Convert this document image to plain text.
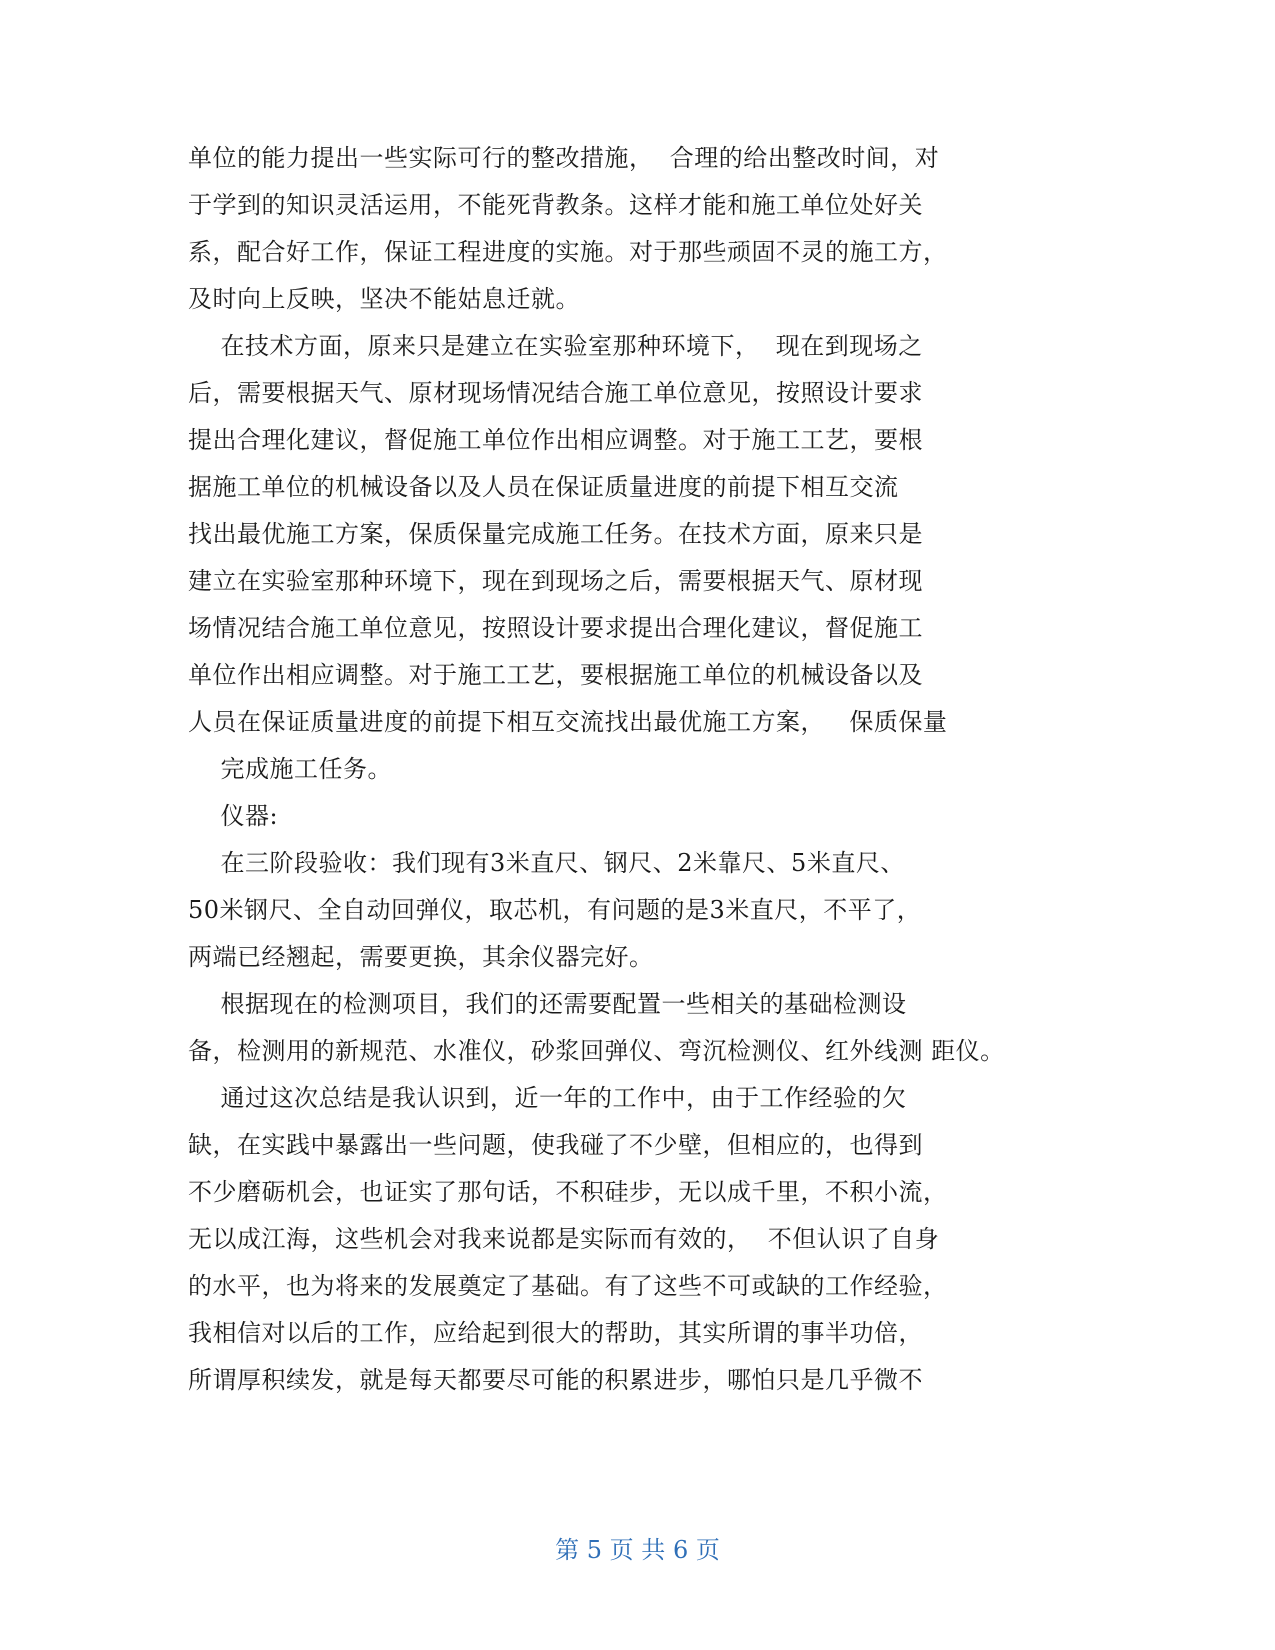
单位的能力提出一些实际可行的整改措施，  合理的给出整改时间，对
于学到的知识灵活运用，不能死背教条。这样才能和施工单位处好关
系，配合好工作，保证工程进度的实施。对于那些顽固不灵的施工方，
及时向上反映，坚决不能姑息迁就。
在技术方面，原来只是建立在实验室那种环境下，  现在到现场之
后，需要根据天气、原材现场情况结合施工单位意见，按照设计要求
提出合理化建议，督促施工单位作出相应调整。对于施工工艺，要根
据施工单位的机械设备以及人员在保证质量进度的前提下相互交流
找出最优施工方案，保质保量完成施工任务。在技术方面，原来只是
建立在实验室那种环境下，现在到现场之后，需要根据天气、原材现
场情况结合施工单位意见，按照设计要求提出合理化建议，督促施工
单位作出相应调整。对于施工工艺，要根据施工单位的机械设备以及
人员在保证质量进度的前提下相互交流找出最优施工方案，   保质保量
完成施工任务。
仪器:
在三阶段验收：我们现有3米直尺、钢尺、2米靠尺、5米直尺、
50米钢尺、全自动回弹仪，取芯机，有问题的是3米直尺，不平了，
两端已经翘起，需要更换，其余仪器完好。
根据现在的检测项目，我们的还需要配置一些相关的基础检测设
备，检测用的新规范、水准仪，砂浆回弹仪、弯沉检测仪、红外线测 距仪。
通过这次总结是我认识到，近一年的工作中，由于工作经验的欠
缺，在实践中暴露出一些问题，使我碰了不少壁，但相应的，也得到
不少磨砺机会，也证实了那句话，不积硅步，无以成千里，不积小流，
无以成江海，这些机会对我来说都是实际而有效的，  不但认识了自身
的水平，也为将来的发展奠定了基础。有了这些不可或缺的工作经验，
我相信对以后的工作，应给起到很大的帮助，其实所谓的事半功倍，
所谓厚积续发，就是每天都要尽可能的积累进步，哪怕只是几乎微不
第 5 页 共 6 页
